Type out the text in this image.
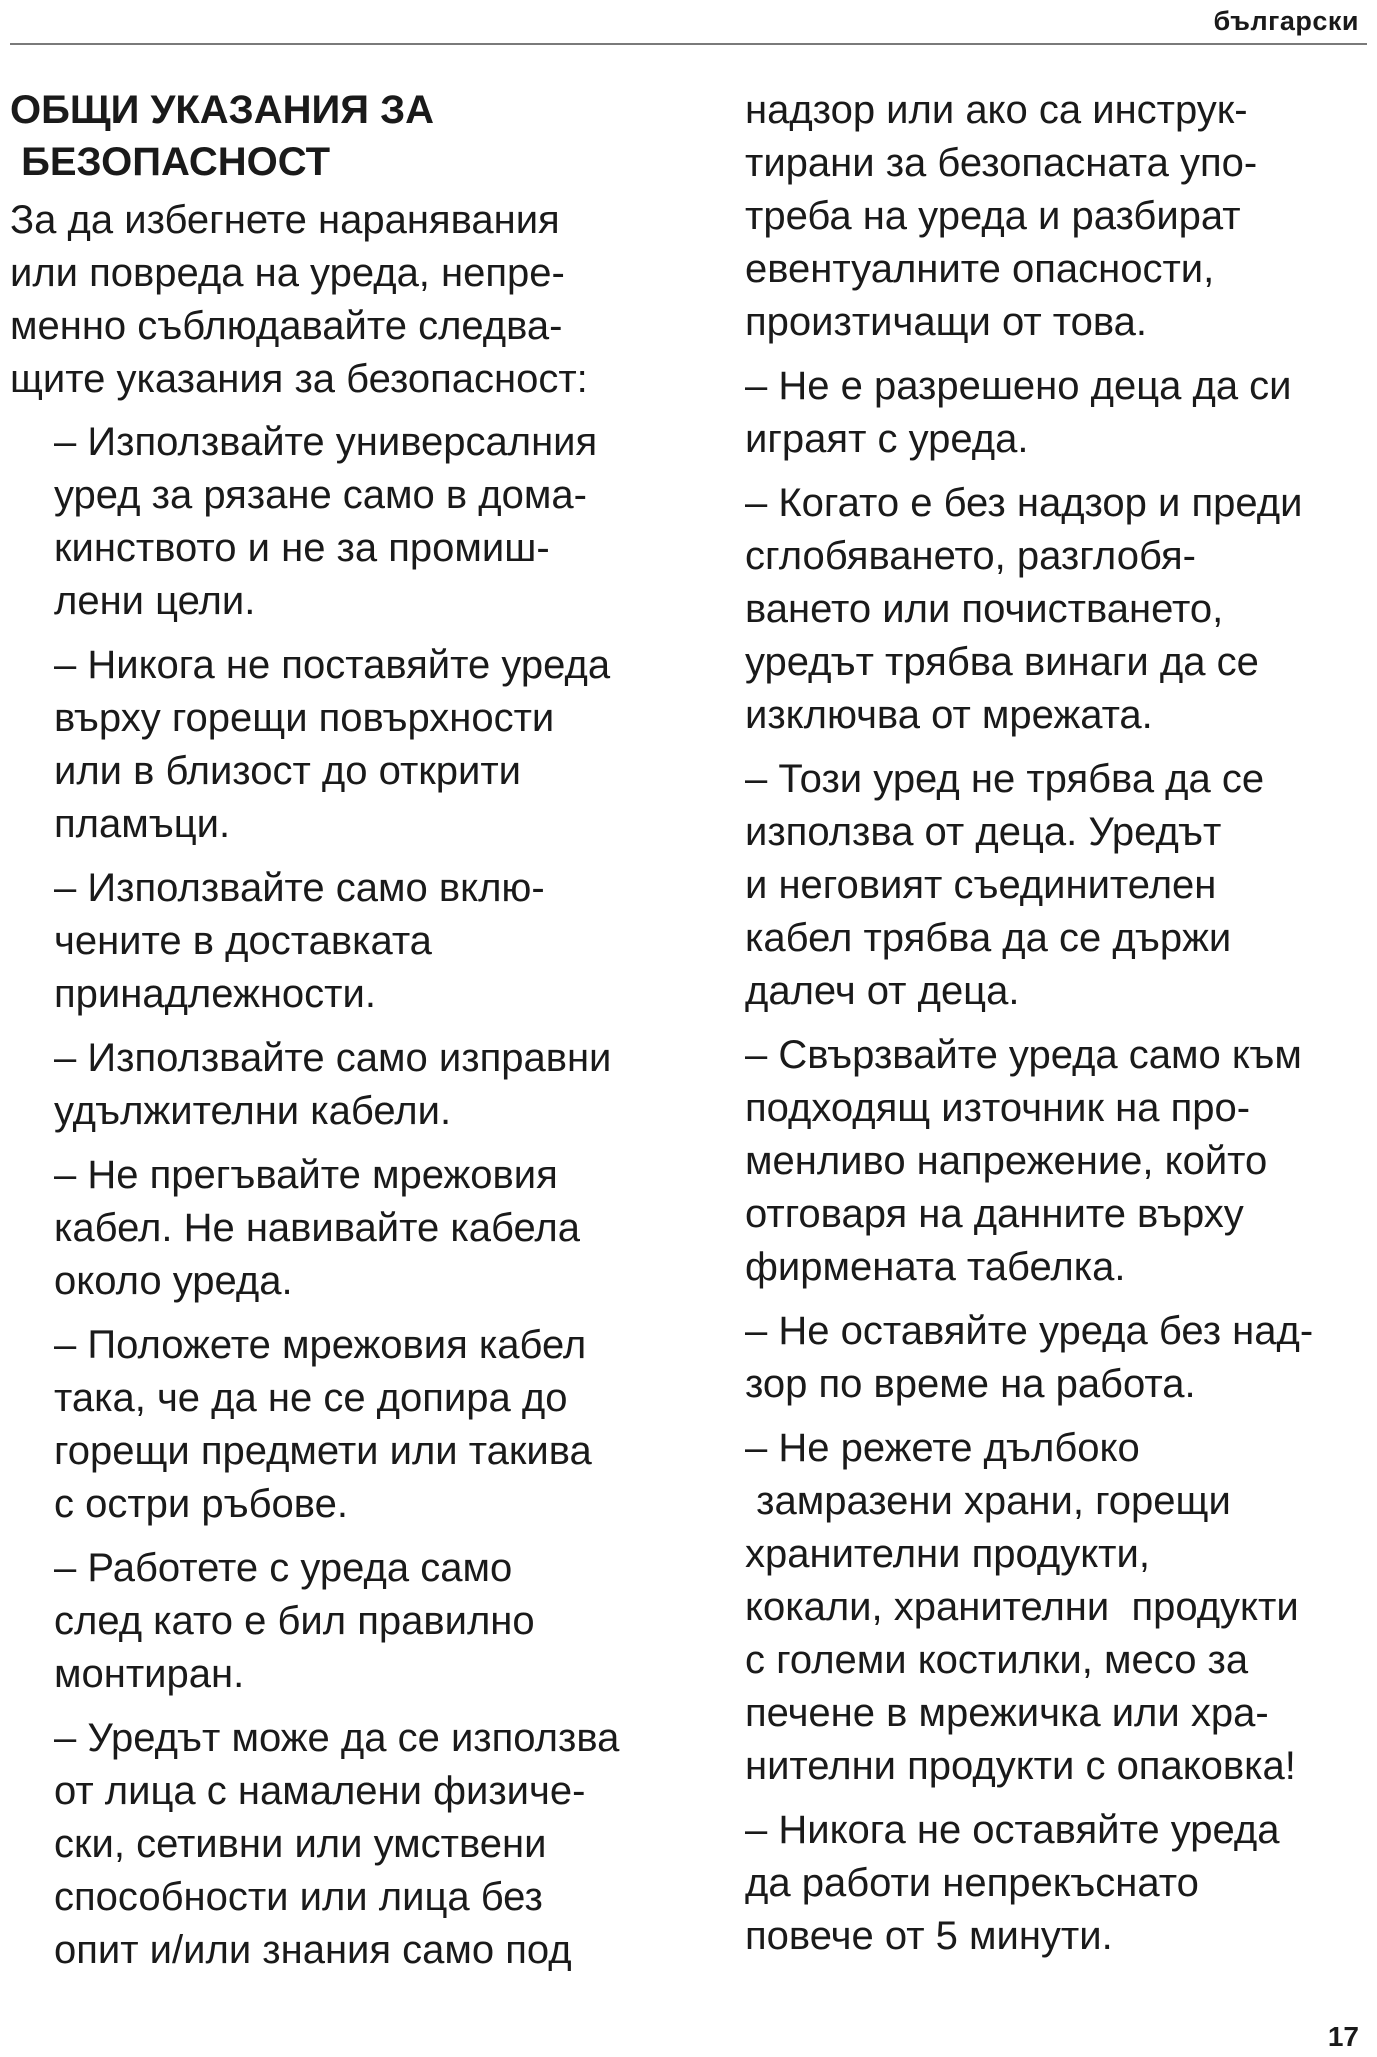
български
ОБЩИ УКАЗАНИЯ ЗА
БЕЗОПАСНОСТ
За да избегнете наранявания
или повреда на уреда, непре-
менно съблюдавайте следва-
щите указания за безопасност:
– Използвайте универсалния
уред за рязане само в дома-
кинството и не за промиш-
лени цели.
– Никога не поставяйте уреда
върху горещи повърхности
или в близост до открити
пламъци.
– Използвайте само вклю-
чените в доставката
принадлежности.
– Използвайте само изправни
удължителни кабели.
– Не прегъвайте мрежовия
кабел. Не навивайте кабела
около уреда.
– Положете мрежовия кабел
така, че да не се допира до
горещи предмети или такива
с остри ръбове.
– Работете с уреда само
след като е бил правилно
монтиран.
– Уредът може да се използва
от лица с намалени физиче-
ски, сетивни или умствени
способности или лица без
опит и/или знания само под
надзор или ако са инструк-
тирани за безопасната упо-
треба на уреда и разбират
евентуалните опасности,
произтичащи от това.
– Не е разрешено деца да си
играят с уреда.
– Когато е без надзор и преди
сглобяването, разглобя-
ването или почистването,
уредът трябва винаги да се
изключва от мрежата.
– Този уред не трябва да се
използва от деца. Уредът
и неговият съединителен
кабел трябва да се държи
далеч от деца.
– Свързвайте уреда само към
подходящ източник на про-
менливо напрежение, който
отговаря на данните върху
фирмената табелка.
– Не оставяйте уреда без над-
зор по време на работа.
– Не режете дълбоко
замразени храни, горещи
хранителни продукти,
кокали, хранителни  продукти
с големи костилки, месо за
печене в мрежичка или хра-
нителни продукти с опаковка!
– Никога не оставяйте уреда
да работи непрекъснато
повече от 5 минути.
17
